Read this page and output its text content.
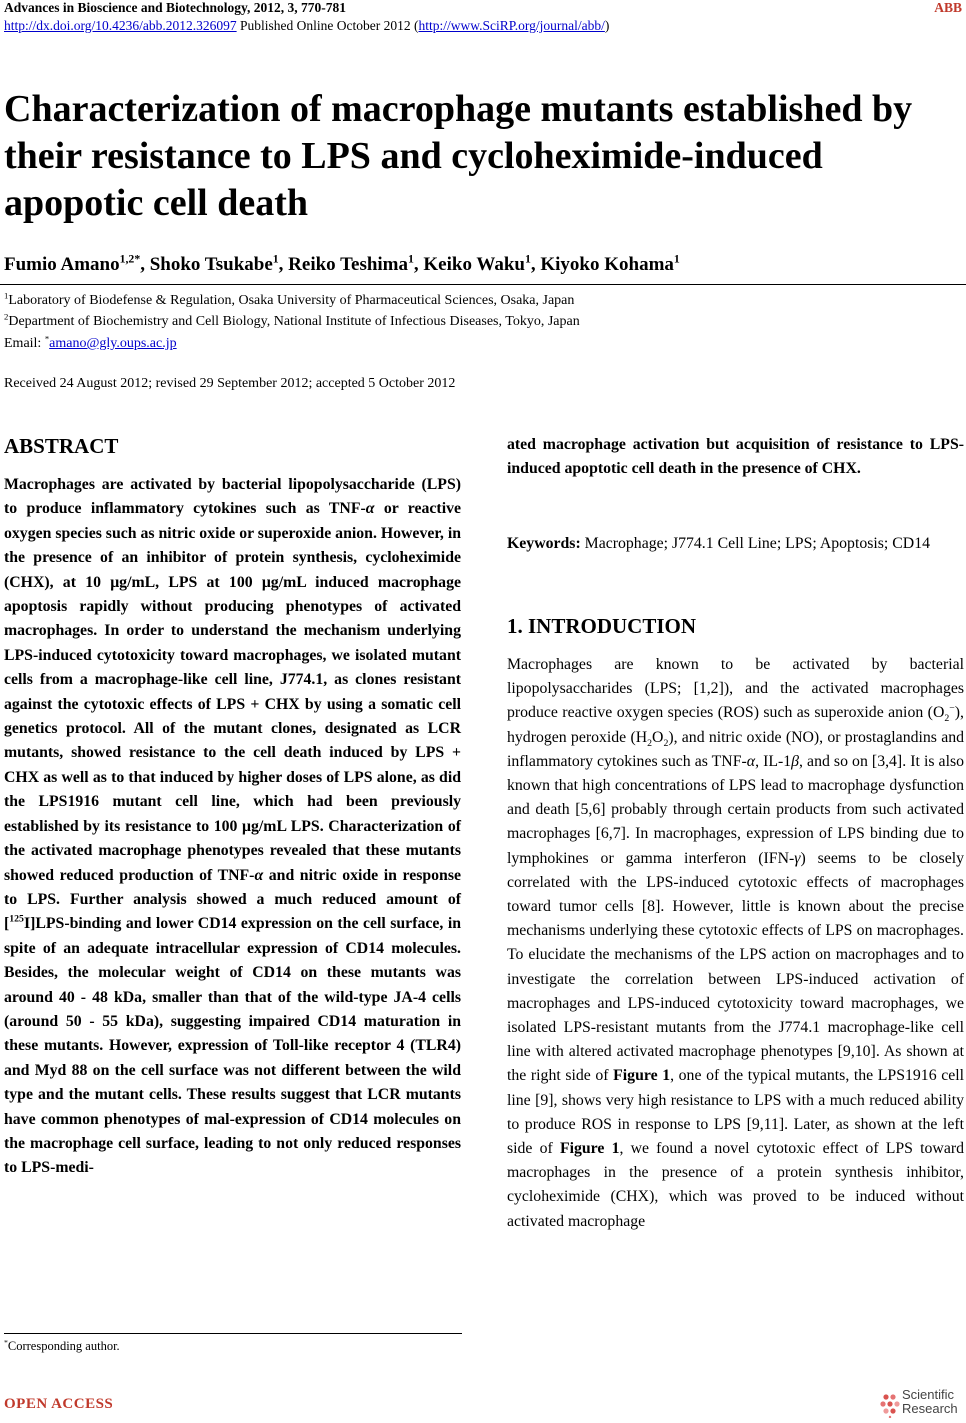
Advances in Bioscience and Biotechnology, 2012, 3, 770-781	ABB
http://dx.doi.org/10.4236/abb.2012.326097 Published Online October 2012 (http://www.SciRP.org/journal/abb/)
Characterization of macrophage mutants established by their resistance to LPS and cycloheximide-induced apopotic cell death
Fumio Amano$^{1,2*}$, Shoko Tsukabe$^1$, Reiko Teshima$^1$, Keiko Waku$^1$, Kiyoko Kohama$^1$
$^1$Laboratory of Biodefense & Regulation, Osaka University of Pharmaceutical Sciences, Osaka, Japan
$^2$Department of Biochemistry and Cell Biology, National Institute of Infectious Diseases, Tokyo, Japan
Email: *amano@gly.oups.ac.jp
Received 24 August 2012; revised 29 September 2012; accepted 5 October 2012
ABSTRACT

Macrophages are activated by bacterial lipopolysaccharide (LPS) to produce inflammatory cytokines such as TNF-α or reactive oxygen species such as nitric oxide or superoxide anion. However, in the presence of an inhibitor of protein synthesis, cycloheximide (CHX), at 10 μg/mL, LPS at 100 μg/mL induced macrophage apoptosis rapidly without producing phenotypes of activated macrophages. In order to understand the mechanism underlying LPS-induced cytotoxicity toward macrophages, we isolated mutant cells from a macrophage-like cell line, J774.1, as clones resistant against the cytotoxic effects of LPS + CHX by using a somatic cell genetics protocol. All of the mutant clones, designated as LCR mutants, showed resistance to the cell death induced by LPS + CHX as well as to that induced by higher doses of LPS alone, as did the LPS1916 mutant cell line, which had been previously established by its resistance to 100 μg/mL LPS. Characterization of the activated macrophage phenotypes revealed that these mutants showed reduced production of TNF-α and nitric oxide in response to LPS. Further analysis showed a much reduced amount of [$^{125}$I]LPS-binding and lower CD14 expression on the cell surface, in spite of an adequate intracellular expression of CD14 molecules. Besides, the molecular weight of CD14 on these mutants was around 40 - 48 kDa, smaller than that of the wild-type JA-4 cells (around 50 - 55 kDa), suggesting impaired CD14 maturation in these mutants. However, expression of Toll-like receptor 4 (TLR4) and Myd 88 on the cell surface was not different between the wild type and the mutant cells. These results suggest that LCR mutants have common phenotypes of mal-expression of CD14 molecules on the macrophage cell surface, leading to not only reduced responses to LPS-medi-

*Corresponding author.

ated macrophage activation but acquisition of resistance to LPS-induced apoptotic cell death in the presence of CHX.

Keywords: Macrophage; J774.1 Cell Line; LPS; Apoptosis; CD14

1. INTRODUCTION

Macrophages are known to be activated by bacterial lipopolysaccharides (LPS; [1,2]), and the activated macrophages produce reactive oxygen species (ROS) such as superoxide anion $(O_2^-)$, hydrogen peroxide $(H_2O_2)$, and nitric oxide (NO), or prostaglandins and inflammatory cytokines such as TNF-α, IL-1β, and so on [3,4]. It is also known that high concentrations of LPS lead to macrophage dysfunction and death [5,6] probably through certain products from such activated macrophages [6,7]. In macrophages, expression of LPS binding due to lymphokines or gamma interferon (IFN-γ) seems to be closely correlated with the LPS-induced cytotoxic effects of macrophages toward tumor cells [8]. However, little is known about the precise mechanisms underlying these cytotoxic effects of LPS on macrophages. To elucidate the mechanisms of the LPS action on macrophages and to investigate the correlation between LPS-induced activation of macrophages and LPS-induced cytotoxicity toward macrophages, we isolated LPS-resistant mutants from the J774.1 macrophage-like cell line with altered activated macrophage phenotypes [9,10]. As shown at the right side of Figure 1, one of the typical mutants, the LPS1916 cell line [9], shows very high resistance to LPS with a much reduced ability to produce ROS in response to LPS [9,11]. Later, as shown at the left side of Figure 1, we found a novel cytotoxic effect of LPS toward macrophages in the presence of a protein synthesis inhibitor, cycloheximide (CHX), which was proved to be induced without activated macrophage

OPEN ACCESS
Scientific
Research
